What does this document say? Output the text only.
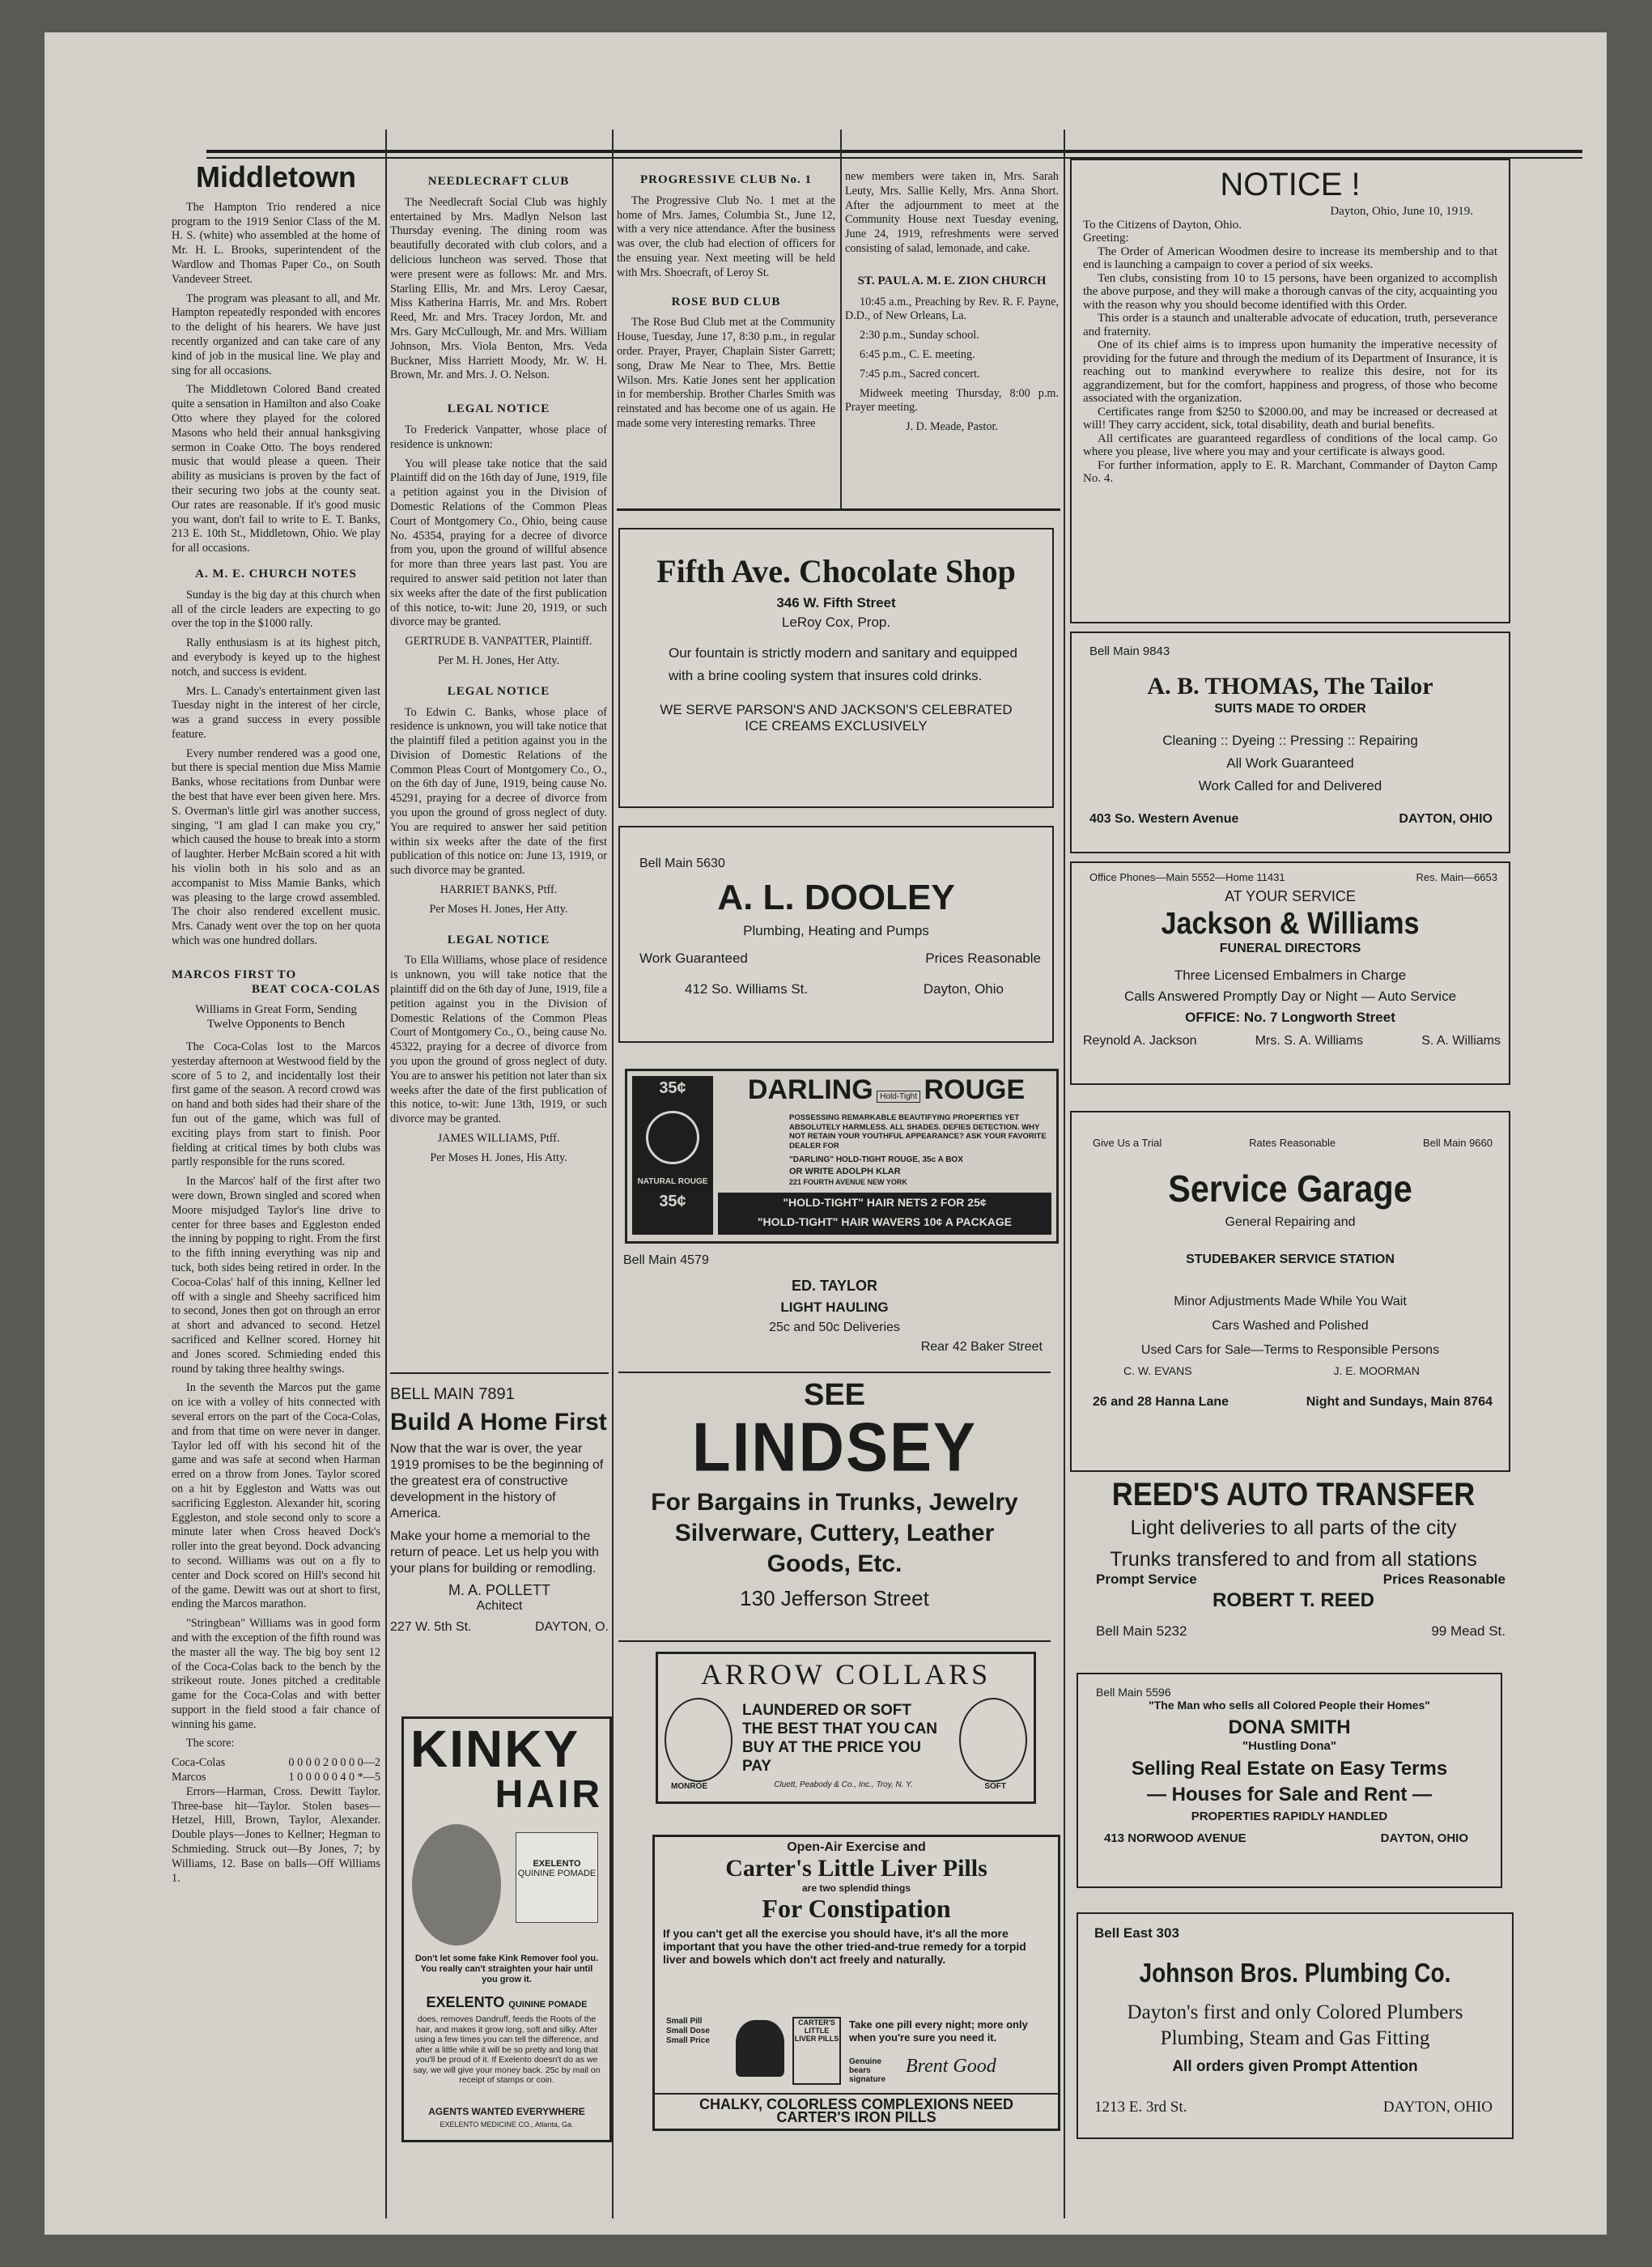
Middletown

The Hampton Trio rendered a nice program to the 1919 Senior Class of the M. H. S. (white) who assembled at the home of Mr. H. L. Brooks, superintendent of the Wardlow and Thomas Paper Co., on South Vandeveer Street.

The program was pleasant to all, and Mr. Hampton repeatedly responded with encores to the delight of his hearers. We have just recently organized and can take care of any kind of job in the musical line. We play and sing for all occasions.

The Middletown Colored Band created quite a sensation in Hamilton and also Coake Otto where they played for the colored Masons who held their annual hanksgiving sermon in Coake Otto. The boys rendered music that would please a queen. Their ability as musicians is proven by the fact of their securing two jobs at the county seat. Our rates are reasonable. If it's good music you want, don't fail to write to E. T. Banks, 213 E. 10th St., Middletown, Ohio. We play for all occasions.

A. M. E. CHURCH NOTES

Sunday is the big day at this church when all of the circle leaders are expecting to go over the top in the $1000 rally.

Rally enthusiasm is at its highest pitch, and everybody is keyed up to the highest notch, and success is evident.

Mrs. L. Canady's entertainment given last Tuesday night in the interest of her circle, was a grand success in every possible feature.

Every number rendered was a good one, but there is special mention due Miss Mamie Banks, whose recitations from Dunbar were the best that have ever been given here. Mrs. S. Overman's little girl was another success, singing, "I am glad I can make you cry," which caused the house to break into a storm of laughter. Herber McBain scored a hit with his violin both in his solo and as an accompanist to Miss Mamie Banks, which was pleasing to the large crowd assembled. The choir also rendered excellent music. Mrs. Canady went over the top on her quota which was one hundred dollars.

MARCOS FIRST TO
BEAT COCA-COLAS
Williams in Great Form, Sending
Twelve Opponents to Bench

The Coca-Colas lost to the Marcos yesterday afternoon at Westwood field by the score of 5 to 2, and incidentally lost their first game of the season. A record crowd was on hand and both sides had their share of the fun out of the game, which was full of exciting plays from start to finish. Poor fielding at critical times by both clubs was partly responsible for the runs scored.

In the Marcos' half of the first after two were down, Brown singled and scored when Moore misjudged Taylor's line drive to center for three bases and Eggleston ended the inning by popping to right. From the first to the fifth inning everything was nip and tuck, both sides being retired in order. In the Cocoa-Colas' half of this inning, Kellner led off with a single and Sheehy sacrificed him to second, Jones then got on through an error at short and advanced to second. Hetzel sacrificed and Kellner scored. Horney hit and Jones scored. Schmieding ended this round by taking three healthy swings.

In the seventh the Marcos put the game on ice with a volley of hits connected with several errors on the part of the Coca-Colas, and from that time on were never in danger. Taylor led off with his second hit of the game and was safe at second when Harman erred on a throw from Jones. Taylor scored on a hit by Eggleston and Watts was out sacrificing Eggleston. Alexander hit, scoring Eggleston, and stole second only to score a minute later when Cross heaved Dock's roller into the great beyond. Dock advancing to second. Williams was out on a fly to center and Dock scored on Hill's second hit of the game. Dewitt was out at short to first, ending the Marcos marathon.

"Stringbean" Williams was in good form and with the exception of the fifth round was the master all the way. The big boy sent 12 of the Coca-Colas back to the bench by the strikeout route. Jones pitched a creditable game for the Coca-Colas and with better support in the field stood a fair chance of winning his game.

The score:

Coca-Colas	0 0 0 0 2 0 0 0 0—2
Marcos	1 0 0 0 0 0 4 0 *—5

Errors—Harman, Cross. Dewitt Taylor. Three-base hit—Taylor. Stolen bases—Hetzel, Hill, Brown, Taylor, Alexander. Double plays—Jones to Kellner; Hegman to Schmieding. Struck out—By Jones, 7; by Williams, 12. Base on balls—Off Williams 1.

NEEDLECRAFT CLUB

The Needlecraft Social Club was highly entertained by Mrs. Madlyn Nelson last Thursday evening. The dining room was beautifully decorated with club colors, and a delicious luncheon was served. Those that were present were as follows: Mr. and Mrs. Starling Ellis, Mr. and Mrs. Leroy Caesar, Miss Katherina Harris, Mr. and Mrs. Robert Reed, Mr. and Mrs. Tracey Jordon, Mr. and Mrs. Gary McCullough, Mr. and Mrs. William Johnson, Mrs. Viola Benton, Mrs. Veda Buckner, Miss Harriett Moody, Mr. W. H. Brown, Mr. and Mrs. J. O. Nelson.

LEGAL NOTICE

To Frederick Vanpatter, whose place of residence is unknown:

You will please take notice that the said Plaintiff did on the 16th day of June, 1919, file a petition against you in the Division of Domestic Relations of the Common Pleas Court of Montgomery Co., Ohio, being cause No. 45354, praying for a decree of divorce from you, upon the ground of willful absence for more than three years last past. You are required to answer said petition not later than six weeks after the date of the first publication of this notice, to-wit: June 20, 1919, or such divorce may be granted.

GERTRUDE B. VANPATTER, Plaintiff.

Per M. H. Jones, Her Atty.

LEGAL NOTICE

To Edwin C. Banks, whose place of residence is unknown, you will take notice that the plaintiff filed a petition against you in the Division of Domestic Relations of the Common Pleas Court of Montgomery Co., O., on the 6th day of June, 1919, being cause No. 45291, praying for a decree of divorce from you upon the ground of gross neglect of duty. You are required to answer her said petition within six weeks after the date of the first publication of this notice on: June 13, 1919, or such divorce may be granted.

HARRIET BANKS, Ptff.

Per Moses H. Jones, Her Atty.

LEGAL NOTICE

To Ella Williams, whose place of residence is unknown, you will take notice that the plaintiff did on the 6th day of June, 1919, file a petition against you in the Division of Domestic Relations of the Common Pleas Court of Montgomery Co., O., being cause No. 45322, praying for a decree of divorce from you upon the ground of gross neglect of duty. You are to answer his petition not later than six weeks after the date of the first publication of this notice, to-wit: June 13th, 1919, or such divorce may be granted.

JAMES WILLIAMS, Ptff.

Per Moses H. Jones, His Atty.

BELL MAIN 7891
Build A Home First
Now that the war is over, the year 1919 promises to be the beginning of the greatest era of constructive development in the history of America.
Make your home a memorial to the return of peace. Let us help you with your plans for building or remodling.
M. A. POLLETT
Achitect
227 W. 5th St.	DAYTON, O.
KINKY
HAIR
EXELENTO
QUININE POMADE
Don't let some fake Kink Remover fool you. You really can't straighten your hair until you grow it.
EXELENTO QUININE POMADE
does, removes Dandruff, feeds the Roots of the hair, and makes it grow long, soft and silky. After using a few times you can tell the difference, and after a little while it will be so pretty and long that you'll be proud of it. If Exelento doesn't do as we say, we will give your money back. 25c by mail on receipt of stamps or coin.
AGENTS WANTED EVERYWHERE
EXELENTO MEDICINE CO., Atlanta, Ga.
PROGRESSIVE CLUB No. 1

The Progressive Club No. 1 met at the home of Mrs. James, Columbia St., June 12, with a very nice attendance. After the business was over, the club had election of officers for the ensuing year. Next meeting will be held with Mrs. Shoecraft, of Leroy St.

ROSE BUD CLUB

The Rose Bud Club met at the Community House, Tuesday, June 17, 8:30 p.m., in regular order. Prayer, Prayer, Chaplain Sister Garrett; song, Draw Me Near to Thee, Mrs. Bettie Wilson. Mrs. Katie Jones sent her application in for membership. Brother Charles Smith was reinstated and has become one of us again. He made some very interesting remarks. Three

new members were taken in, Mrs. Sarah Leuty, Mrs. Sallie Kelly, Mrs. Anna Short. After the adjournment to meet at the Community House next Tuesday evening, June 24, 1919, refreshments were served consisting of salad, lemonade, and cake.

ST. PAUL A. M. E. ZION CHURCH

10:45 a.m., Preaching by Rev. R. F. Payne, D.D., of New Orleans, La.

2:30 p.m., Sunday school.

6:45 p.m., C. E. meeting.

7:45 p.m., Sacred concert.

Midweek meeting Thursday, 8:00 p.m. Prayer meeting.

J. D. Meade, Pastor.

Fifth Ave. Chocolate Shop
346 W. Fifth Street
LeRoy Cox, Prop.
Our fountain is strictly modern and sanitary and equipped with a brine cooling system that insures cold drinks.
WE SERVE PARSON'S AND JACKSON'S CELEBRATED
ICE CREAMS EXCLUSIVELY
Bell Main 5630
A. L. DOOLEY
Plumbing, Heating and Pumps
Work Guaranteed	Prices Reasonable
412 So. Williams St.	Dayton, Ohio
35¢
NATURAL ROUGE
35¢
DARLING Hold-Tight ROUGE
POSSESSING REMARKABLE BEAUTIFYING PROPERTIES YET ABSOLUTELY HARMLESS. ALL SHADES. DEFIES DETECTION. WHY NOT RETAIN YOUR YOUTHFUL APPEARANCE? ASK YOUR FAVORITE DEALER FOR
"DARLING" HOLD-TIGHT ROUGE, 35c A BOX
OR WRITE ADOLPH KLAR
221 FOURTH AVENUE NEW YORK
"HOLD-TIGHT" HAIR NETS 2 FOR 25¢
"HOLD-TIGHT" HAIR WAVERS 10¢ A PACKAGE
Bell Main 4579
ED. TAYLOR
LIGHT HAULING
25c and 50c Deliveries
Rear 42 Baker Street
SEE
LINDSEY
For Bargains in Trunks, Jewelry Silverware, Cuttery, Leather Goods, Etc.
130 Jefferson Street
ARROW COLLARS
MONROE	SOFT
LAUNDERED OR SOFT THE BEST THAT YOU CAN BUY AT THE PRICE YOU PAY
Cluett, Peabody & Co., Inc., Troy, N. Y.
Open-Air Exercise and
Carter's Little Liver Pills
are two splendid things
For Constipation
If you can't get all the exercise you should have, it's all the more important that you have the other tried-and-true remedy for a torpid liver and bowels which don't act freely and naturally.
Small Pill Small Dose Small Price
CARTER'S LITTLE LIVER PILLS
Take one pill every night; more only when you're sure you need it.
Genuine bears signature
Brent Good
CHALKY, COLORLESS COMPLEXIONS NEED
CARTER'S IRON PILLS
NOTICE !
Dayton, Ohio, June 10, 1919.
To the Citizens of Dayton, Ohio.
Greeting:
The Order of American Woodmen desire to increase its membership and to that end is launching a campaign to cover a period of six weeks.
Ten clubs, consisting from 10 to 15 persons, have been organized to accomplish the above purpose, and they will make a thorough canvas of the city, acquainting you with the reason why you should become identified with this Order.
This order is a staunch and unalterable advocate of education, truth, perseverance and fraternity.
One of its chief aims is to impress upon humanity the imperative necessity of providing for the future and through the medium of its Department of Insurance, it is reaching out to mankind everywhere to realize this desire, not for its aggrandizement, but for the comfort, happiness and progress, of those who become associated with the organization.
Certificates range from $250 to $2000.00, and may be increased or decreased at will! They carry accident, sick, total disability, death and burial benefits.
All certificates are guaranteed regardless of conditions of the local camp. Go where you please, live where you may and your certificate is always good.
For further information, apply to E. R. Marchant, Commander of Dayton Camp No. 4.
Bell Main 9843
A. B. THOMAS, The Tailor
SUITS MADE TO ORDER
Cleaning :: Dyeing :: Pressing :: Repairing
All Work Guaranteed
Work Called for and Delivered
403 So. Western Avenue	DAYTON, OHIO
Office Phones—Main 5552—Home 11431	Res. Main—6653
AT YOUR SERVICE
Jackson & Williams
FUNERAL DIRECTORS
Three Licensed Embalmers in Charge
Calls Answered Promptly Day or Night — Auto Service
OFFICE: No. 7 Longworth Street
Reynold A. Jackson	Mrs. S. A. Williams	S. A. Williams
Give Us a Trial	Rates Reasonable	Bell Main 9660
Service Garage
General Repairing and
STUDEBAKER SERVICE STATION
Minor Adjustments Made While You Wait
Cars Washed and Polished
Used Cars for Sale—Terms to Responsible Persons
C. W. EVANS	J. E. MOORMAN
26 and 28 Hanna Lane	Night and Sundays, Main 8764
REED'S AUTO TRANSFER
Light deliveries to all parts of the city
Trunks transfered to and from all stations
Prompt Service	Prices Reasonable
ROBERT T. REED
Bell Main 5232	99 Mead St.
Bell Main 5596
"The Man who sells all Colored People their Homes"
DONA SMITH
"Hustling Dona"
Selling Real Estate on Easy Terms
— Houses for Sale and Rent —
PROPERTIES RAPIDLY HANDLED
413 NORWOOD AVENUE	DAYTON, OHIO
Bell East 303
Johnson Bros. Plumbing Co.
Dayton's first and only Colored Plumbers
Plumbing, Steam and Gas Fitting
All orders given Prompt Attention
1213 E. 3rd St.	DAYTON, OHIO
